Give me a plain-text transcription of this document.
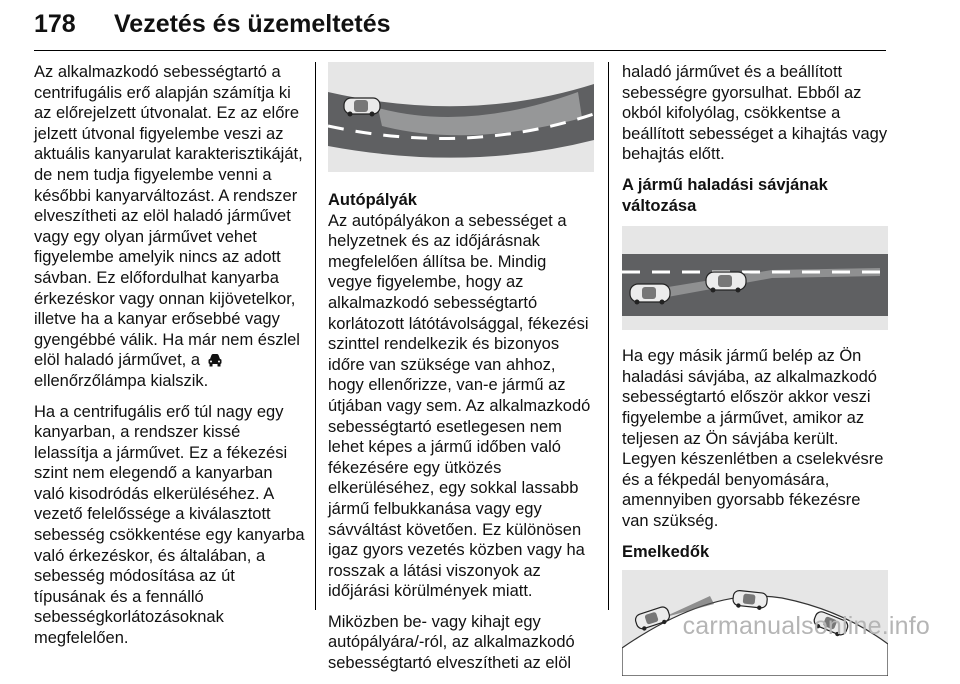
178 Vezetés és üzemeltetés

Az alkalmazkodó sebességtartó a centrifugális erő alapján számítja ki az előrejelzett útvonalat. Ez az előre jelzett útvonal figyelembe veszi az aktuális kanyarulat karakterisztikáját, de nem tudja figyelembe venni a későbbi kanyarváltozást. A rendszer elveszítheti az elöl haladó járművet vagy egy olyan járművet vehet figyelembe amelyik nincs az adott sávban. Ez előfordulhat kanyarba érkezéskor vagy onnan kijövetelkor, illetve ha a kanyar erősebbé vagy gyengébbé válik. Ha már nem észlel elöl haladó járművet, a  ellenőrzőlámpa kialszik.

Ha a centrifugális erő túl nagy egy kanyarban, a rendszer kissé lelassítja a járművet. Ez a fékezési szint nem elegendő a kanyarban való kisodródás elkerüléséhez. A vezető felelőssége a kiválasztott sebesség csökkentése egy kanyarba való érkezéskor, és általában, a sebesség módosítása az út típusának és a fennálló sebességkorlátozásoknak megfelelően.

Autópályák

Az autópályákon a sebességet a helyzetnek és az időjárásnak megfelelően állítsa be. Mindig vegye figyelembe, hogy az alkalmazkodó sebességtartó korlátozott látótávolsággal, fékezési szinttel rendelkezik és bizonyos időre van szüksége van ahhoz, hogy ellenőrizze, van-e jármű az útjában vagy sem. Az alkalmazkodó sebességtartó esetlegesen nem lehet képes a jármű időben való fékezésére egy ütközés elkerüléséhez, egy sokkal lassabb jármű felbukkanása vagy egy sávváltást követően. Ez különösen igaz gyors vezetés közben vagy ha rosszak a látási viszonyok az időjárási körülmények miatt.

Miközben be- vagy kihajt egy autópályára/-ról, az alkalmazkodó sebességtartó elveszítheti az elöl

haladó járművet és a beállított sebességre gyorsulhat. Ebből az okból kifolyólag, csökkentse a beállított sebességet a kihajtás vagy behajtás előtt.

A jármű haladási sávjának változása

Ha egy másik jármű belép az Ön haladási sávjába, az alkalmazkodó sebességtartó először akkor veszi figyelembe a járművet, amikor az teljesen az Ön sávjába került. Legyen készenlétben a cselekvésre és a fékpedál benyomására, amennyiben gyorsabb fékezésre van szükség.

Emelkedők
carmanualsonline.info
